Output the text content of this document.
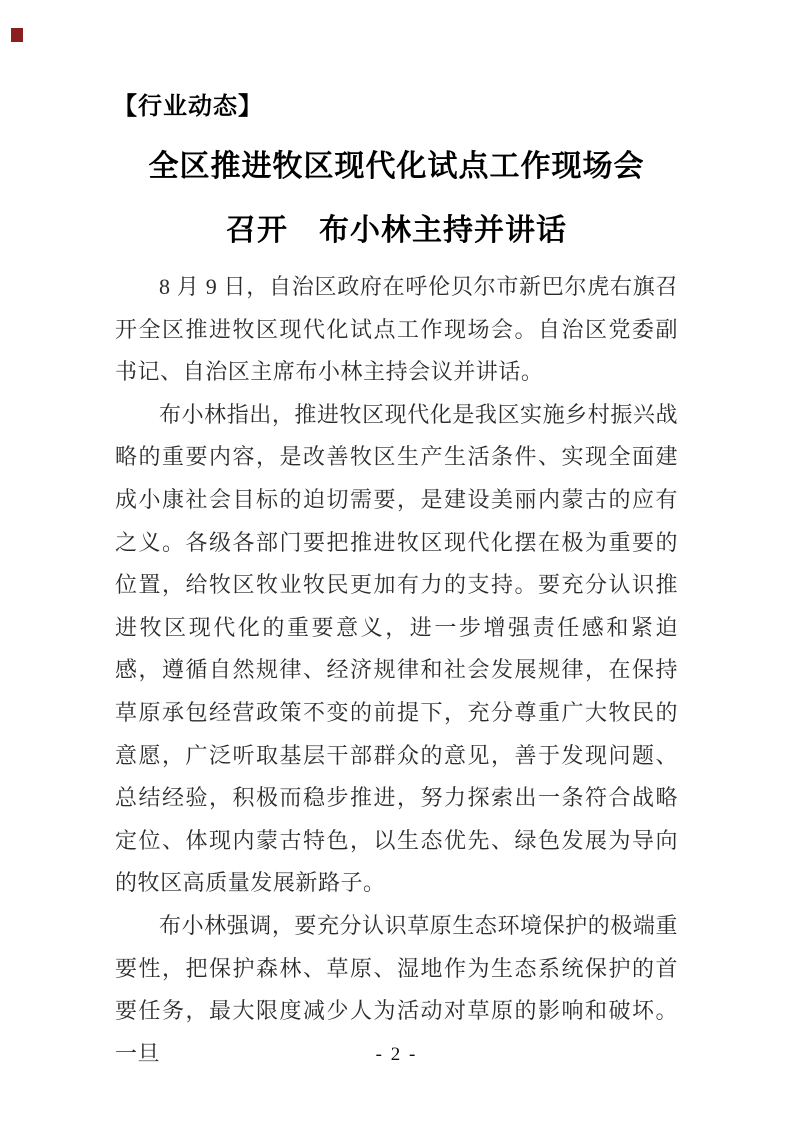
【行业动态】
全区推进牧区现代化试点工作现场会
召开　布小林主持并讲话

8 月 9 日，自治区政府在呼伦贝尔市新巴尔虎右旗召开全区推进牧区现代化试点工作现场会。自治区党委副书记、自治区主席布小林主持会议并讲话。

布小林指出，推进牧区现代化是我区实施乡村振兴战略的重要内容，是改善牧区生产生活条件、实现全面建成小康社会目标的迫切需要，是建设美丽内蒙古的应有之义。各级各部门要把推进牧区现代化摆在极为重要的位置，给牧区牧业牧民更加有力的支持。要充分认识推进牧区现代化的重要意义，进一步增强责任感和紧迫感，遵循自然规律、经济规律和社会发展规律，在保持草原承包经营政策不变的前提下，充分尊重广大牧民的意愿，广泛听取基层干部群众的意见，善于发现问题、总结经验，积极而稳步推进，努力探索出一条符合战略定位、体现内蒙古特色，以生态优先、绿色发展为导向的牧区高质量发展新路子。

布小林强调，要充分认识草原生态环境保护的极端重要性，把保护森林、草原、湿地作为生态系统保护的首要任务，最大限度减少人为活动对草原的影响和破坏。一旦	- 2 -
